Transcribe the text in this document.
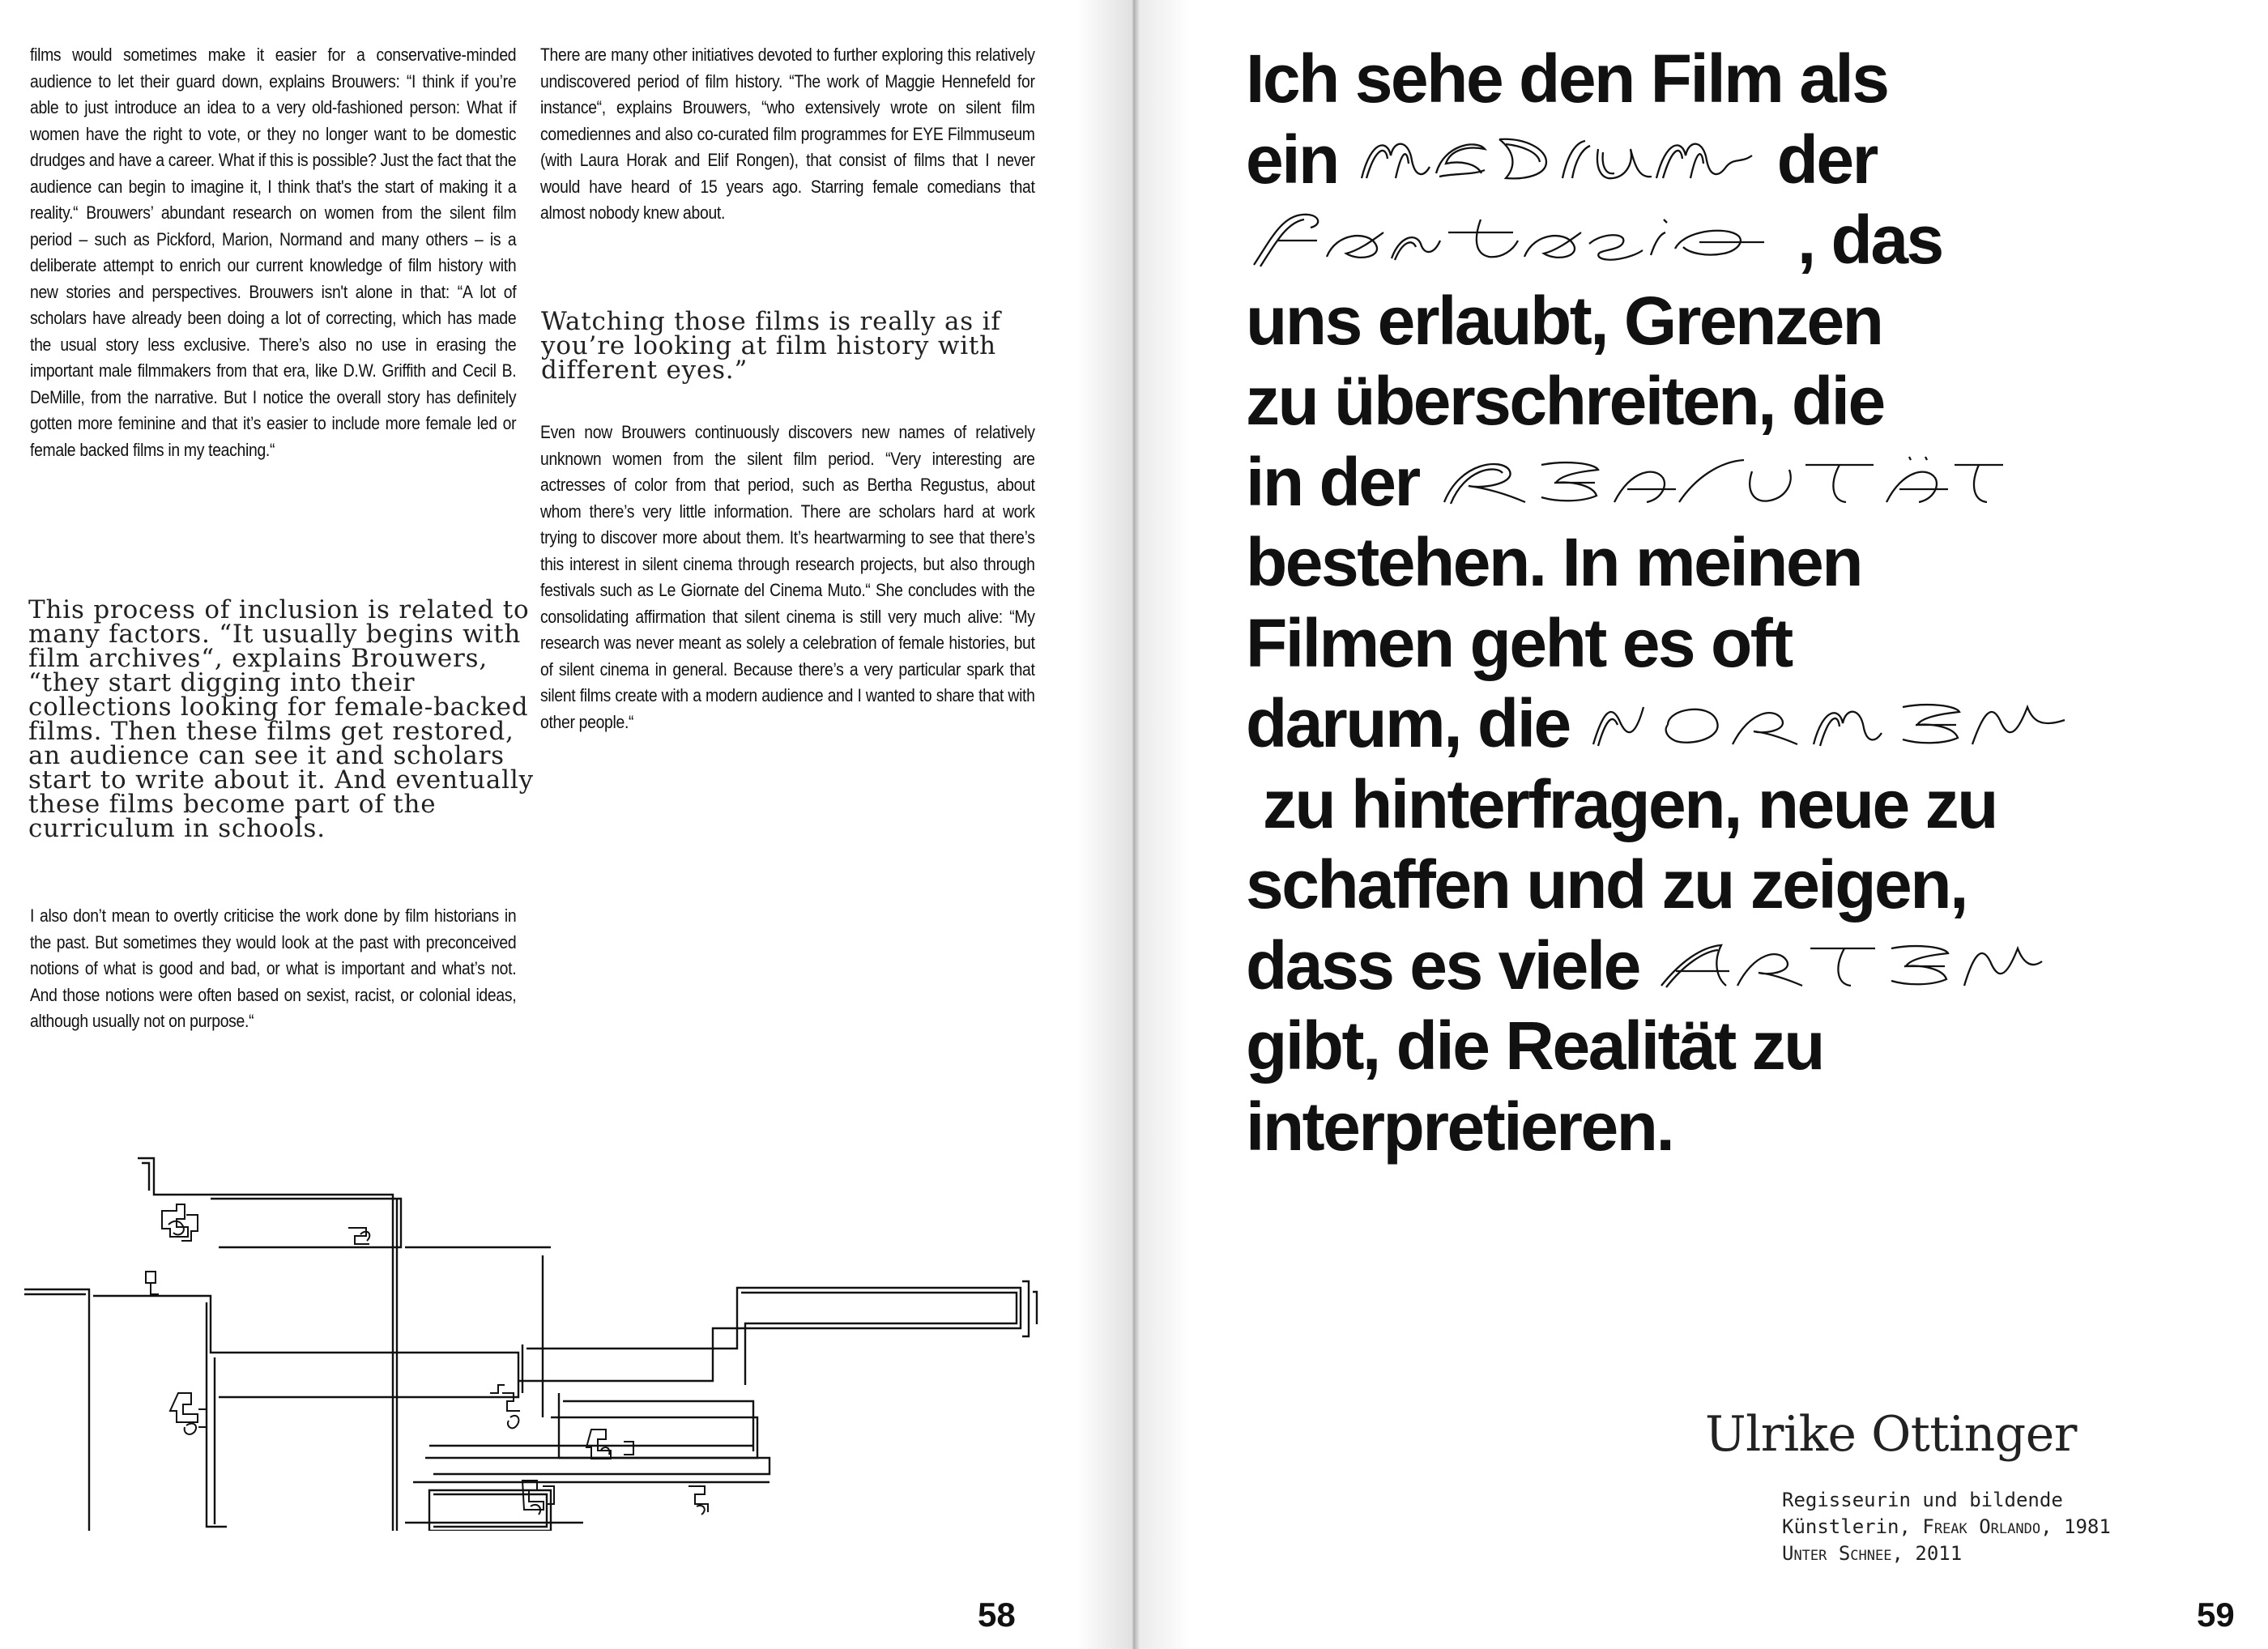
films would sometimes make it easier for a conservative-minded audience to let their guard down, explains Brouwers: “I think if you’re able to just introduce an idea to a very old-fashioned person: What if women have the right to vote, or they no longer want to be domestic drudges and have a career. What if this is possible? Just the fact that the audience can begin to imagine it, I think that's the start of making it a reality.“ Brouwers’ abundant research on women from the silent film period – such as Pickford, Marion, Normand and many others – is a deliberate attempt to enrich our current knowledge of film history with new stories and perspectives. Brouwers isn't alone in that: “A lot of scholars have already been doing a lot of correcting, which has made the usual story less exclusive. There’s also no use in erasing the important male filmmakers from that era, like D.W. Griffith and Cecil B. DeMille, from the narrative. But I notice the overall story has definitely gotten more feminine and that it’s easier to include more female led or female backed films in my teaching.“

This process of inclusion is related to many factors. “It usually begins with film archives“, explains Brouwers, “they start digging into their collections looking for female-backed films. Then these films get restored, an audience can see it and scholars start to write about it. And eventually these films become part of the curriculum in schools.

I also don’t mean to overtly criticise the work done by film historians in the past. But sometimes they would look at the past with preconceived notions of what is good and bad, or what is important and what’s not. And those notions were often based on sexist, racist, or colonial ideas, although usually not on purpose.“

There are many other initiatives devoted to further exploring this relatively undiscovered period of film history. “The work of Maggie Hennefeld for instance“, explains Brouwers, “who extensively wrote on silent film comediennes and also co-curated film programmes for EYE Filmmuseum (with Laura Horak and Elif Rongen), that consist of films that I never would have heard of 15 years ago. Starring female comedians that almost nobody knew about.

Watching those films is really as if you’re looking at film history with different eyes.”

Even now Brouwers continuously discovers new names of relatively unknown women from the silent film period. “Very interesting are actresses of color from that period, such as Bertha Regustus, about whom there’s very little information. There are scholars hard at work trying to discover more about them. It’s heartwarming to see that there’s this interest in silent cinema through research projects, but also through festivals such as Le Giornate del Cinema Muto.“ She concludes with the consolidating affirmation that silent cinema is still very much alive: “My research was never meant as solely a celebration of female histories, but of silent cinema in general. Because there’s a very particular spark that silent films create with a modern audience and I wanted to share that with other people.“

58
Ich sehe den Film als
ein	der
, das
uns erlaubt, Grenzen
zu überschreiten, die
in der
bestehen. In meinen
Filmen geht es oft
darum, die
zu hinterfragen, neue zu
schaffen und zu zeigen,
dass es viele
gibt, die Realität zu
interpretieren.
Ulrike Ottinger
Regisseurin und bildende
Künstlerin, Freak Orlando, 1981
Unter Schnee, 2011
59
